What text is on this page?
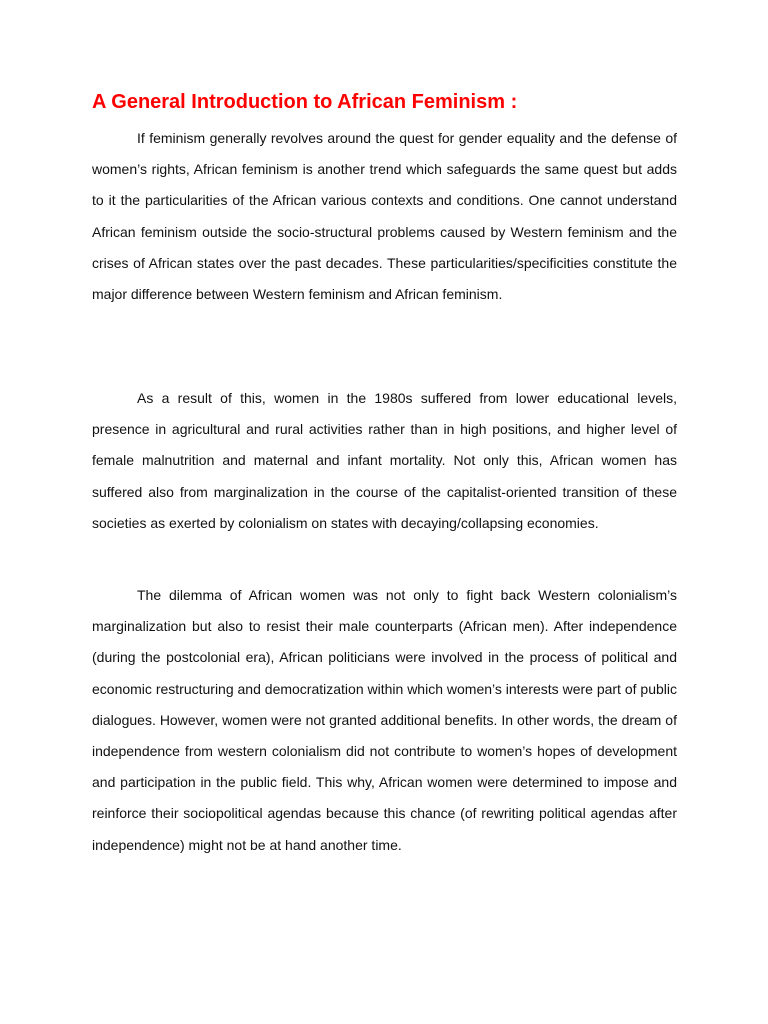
A General Introduction to African Feminism :

If feminism generally revolves around the quest for gender equality and the defense of women’s rights, African feminism is another trend which safeguards the same quest but adds to it the particularities of the African various contexts and conditions. One cannot understand African feminism outside the socio-structural problems caused by Western feminism and the crises of African states over the past decades. These particularities/specificities constitute the major difference between Western feminism and African feminism.

As a result of this, women in the 1980s suffered from lower educational levels, presence in agricultural and rural activities rather than in high positions, and higher level of female malnutrition and maternal and infant mortality. Not only this, African women has suffered also from marginalization in the course of the capitalist-oriented transition of these societies as exerted by colonialism on states with decaying/collapsing economies.

The dilemma of African women was not only to fight back Western colonialism’s marginalization but also to resist their male counterparts (African men). After independence (during the postcolonial era), African politicians were involved in the process of political and economic restructuring and democratization within which women’s interests were part of public dialogues. However, women were not granted additional benefits. In other words, the dream of independence from western colonialism did not contribute to women’s hopes of development and participation in the public field. This why, African women were determined to impose and reinforce their sociopolitical agendas because this chance (of rewriting political agendas after independence) might not be at hand another time.
